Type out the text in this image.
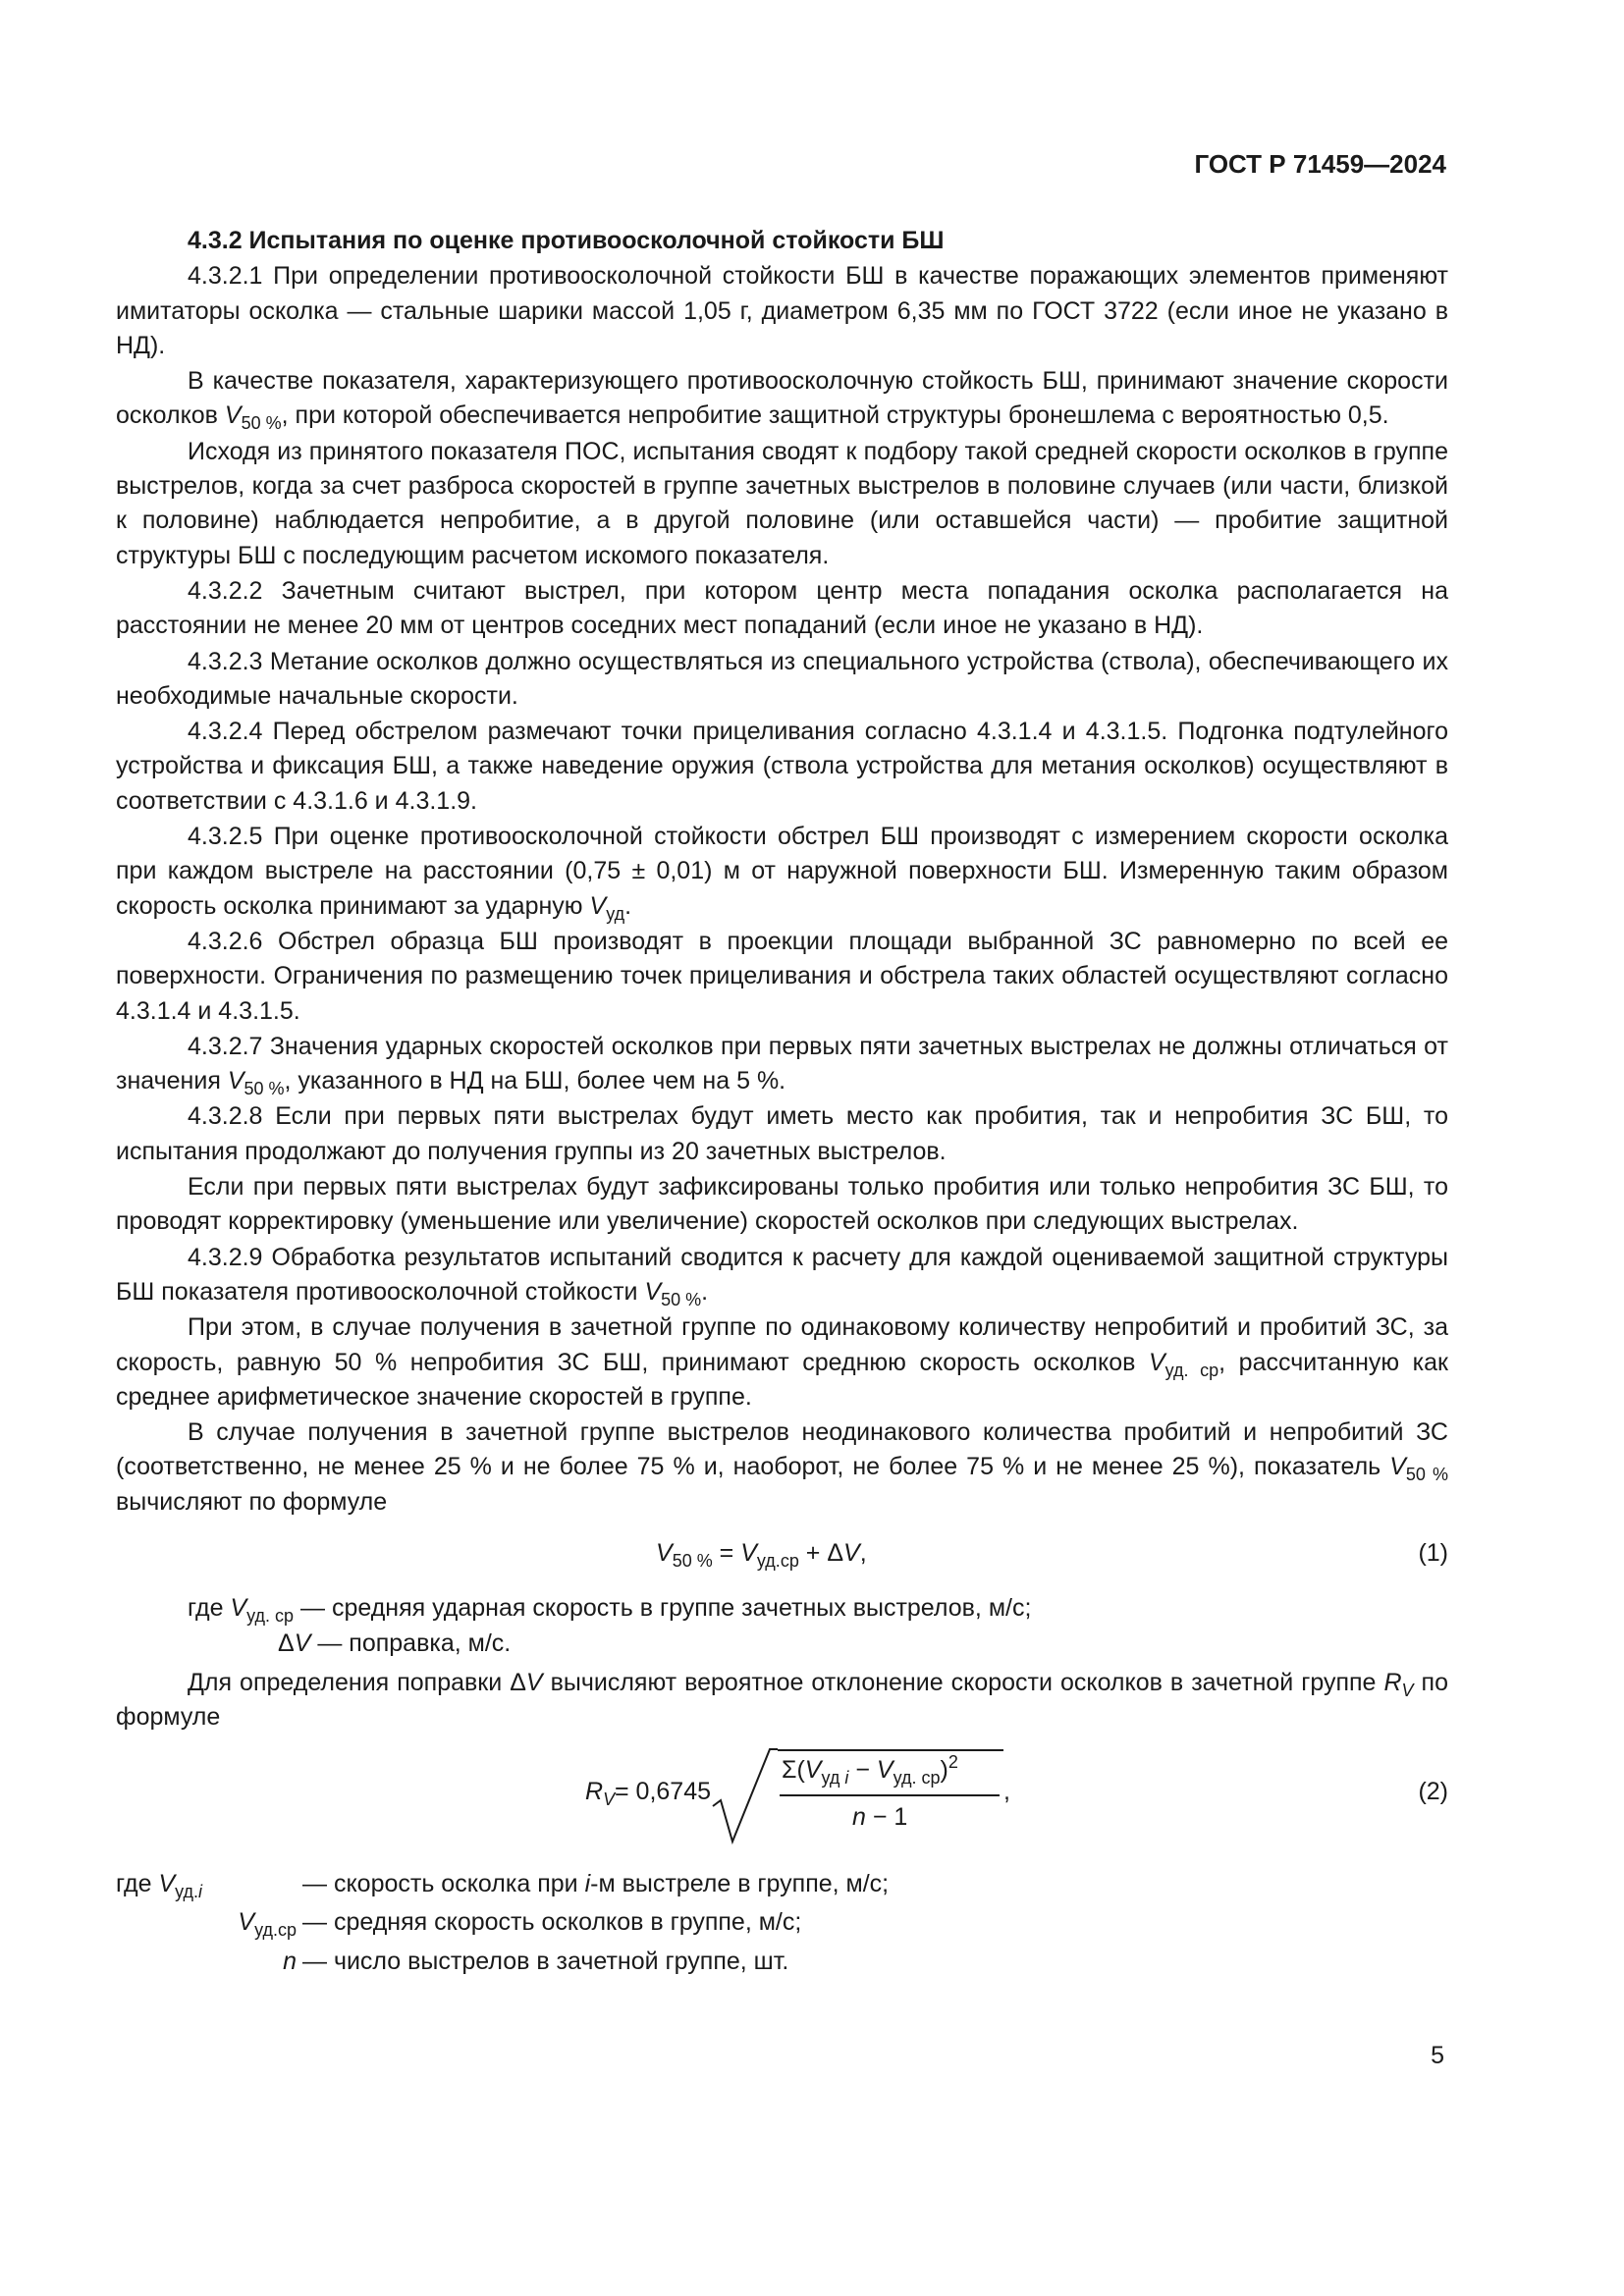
ГОСТ Р 71459—2024

4.3.2 Испытания по оценке противоосколочной стойкости БШ

4.3.2.1 При определении противоосколочной стойкости БШ в качестве поражающих элементов применяют имитаторы осколка — стальные шарики массой 1,05 г, диаметром 6,35 мм по ГОСТ 3722 (если иное не указано в НД).

В качестве показателя, характеризующего противоосколочную стойкость БШ, принимают значение скорости осколков $V_{50 \%}$, при которой обеспечивается непробитие защитной структуры бронешлема с вероятностью 0,5.

Исходя из принятого показателя ПОС, испытания сводят к подбору такой средней скорости осколков в группе выстрелов, когда за счет разброса скоростей в группе зачетных выстрелов в половине случаев (или части, близкой к половине) наблюдается непробитие, а в другой половине (или оставшейся части) — пробитие защитной структуры БШ с последующим расчетом искомого показателя.

4.3.2.2 Зачетным считают выстрел, при котором центр места попадания осколка располагается на расстоянии не менее 20 мм от центров соседних мест попаданий (если иное не указано в НД).

4.3.2.3 Метание осколков должно осуществляться из специального устройства (ствола), обеспечивающего их необходимые начальные скорости.

4.3.2.4 Перед обстрелом размечают точки прицеливания согласно 4.3.1.4 и 4.3.1.5. Подгонка подтулейного устройства и фиксация БШ, а также наведение оружия (ствола устройства для метания осколков) осуществляют в соответствии с 4.3.1.6 и 4.3.1.9.

4.3.2.5 При оценке противоосколочной стойкости обстрел БШ производят с измерением скорости осколка при каждом выстреле на расстоянии (0,75 ± 0,01) м от наружной поверхности БШ. Измеренную таким образом скорость осколка принимают за ударную $V_{уд}$.

4.3.2.6 Обстрел образца БШ производят в проекции площади выбранной ЗС равномерно по всей ее поверхности. Ограничения по размещению точек прицеливания и обстрела таких областей осуществляют согласно 4.3.1.4 и 4.3.1.5.

4.3.2.7 Значения ударных скоростей осколков при первых пяти зачетных выстрелах не должны отличаться от значения $V_{50 \%}$, указанного в НД на БШ, более чем на 5 %.

4.3.2.8 Если при первых пяти выстрелах будут иметь место как пробития, так и непробития ЗС БШ, то испытания продолжают до получения группы из 20 зачетных выстрелов.

Если при первых пяти выстрелах будут зафиксированы только пробития или только непробития ЗС БШ, то проводят корректировку (уменьшение или увеличение) скоростей осколков при следующих выстрелах.

4.3.2.9 Обработка результатов испытаний сводится к расчету для каждой оцениваемой защитной структуры БШ показателя противоосколочной стойкости $V_{50 \%}$.

При этом, в случае получения в зачетной группе по одинаковому количеству непробитий и пробитий ЗС, за скорость, равную 50 % непробития ЗС БШ, принимают среднюю скорость осколков $V_{уд. ср}$, рассчитанную как среднее арифметическое значение скоростей в группе.

В случае получения в зачетной группе выстрелов неодинакового количества пробитий и непробитий ЗС (соответственно, не менее 25 % и не более 75 % и, наоборот, не более 75 % и не менее 25 %), показатель $V_{50 \%}$ вычисляют по формуле

$V_{50 \%} = V_{уд.ср} + \Delta V$,	(1)

где $V_{уд. ср}$ — средняя ударная скорость в группе зачетных выстрелов, м/с;

ΔV — поправка, м/с.

Для определения поправки ΔV вычисляют вероятное отклонение скорости осколков в зачетной группе $R_V$ по формуле

$R_V = 0,6745$
$\Sigma(V_{уд i} - V_{уд. ср})^2$
n − 1
,	(2)
где $V_{уд.i}$	— скорость осколка при i-м выстреле в группе, м/с;
$V_{уд.ср}$ — средняя скорость осколков в группе, м/с;
n — число выстрелов в зачетной группе, шт.
5
